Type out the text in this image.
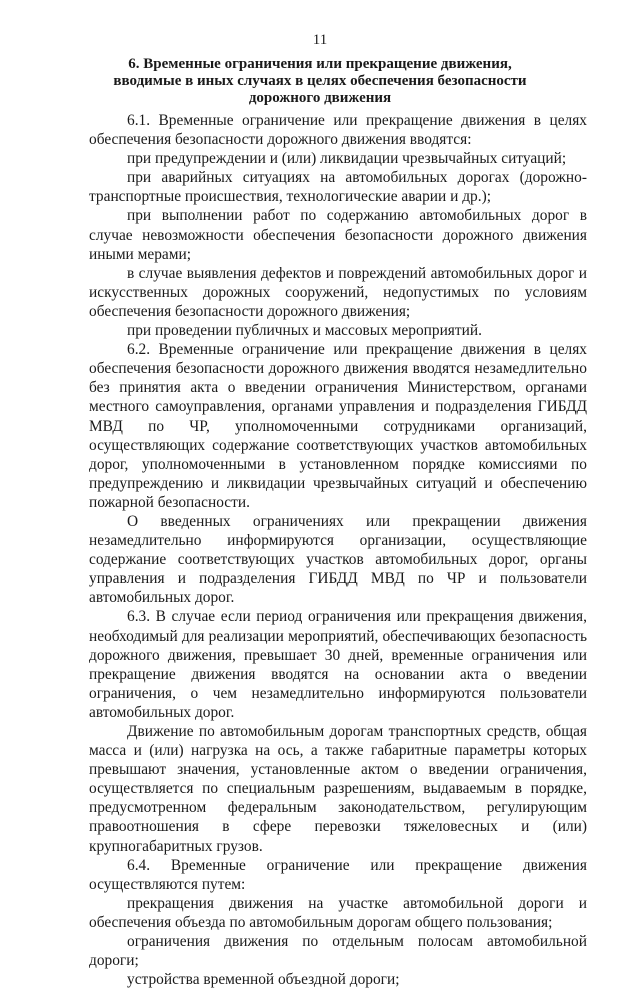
11
6. Временные ограничения или прекращение движения, вводимые в иных случаях в целях обеспечения безопасности дорожного движения

6.1. Временные ограничение или прекращение движения в целях обеспечения безопасности дорожного движения вводятся:

при предупреждении и (или) ликвидации чрезвычайных ситуаций;

при аварийных ситуациях на автомобильных дорогах (дорожно-транспортные происшествия, технологические аварии и др.);

при выполнении работ по содержанию автомобильных дорог в случае невозможности обеспечения безопасности дорожного движения иными мерами;

в случае выявления дефектов и повреждений автомобильных дорог и искусственных дорожных сооружений, недопустимых по условиям обеспечения безопасности дорожного движения;

при проведении публичных и массовых мероприятий.

6.2. Временные ограничение или прекращение движения в целях обеспечения безопасности дорожного движения вводятся незамедлительно без принятия акта о введении ограничения Министерством, органами местного самоуправления, органами управления и подразделения ГИБДД МВД по ЧР, уполномоченными сотрудниками организаций, осуществляющих содержание соответствующих участков автомобильных дорог, уполномоченными в установленном порядке комиссиями по предупреждению и ликвидации чрезвычайных ситуаций и обеспечению пожарной безопасности.

О введенных ограничениях или прекращении движения незамедлительно информируются организации, осуществляющие содержание соответствующих участков автомобильных дорог, органы управления и подразделения ГИБДД МВД по ЧР и пользователи автомобильных дорог.

6.3. В случае если период ограничения или прекращения движения, необходимый для реализации мероприятий, обеспечивающих безопасность дорожного движения, превышает 30 дней, временные ограничения или прекращение движения вводятся на основании акта о введении ограничения, о чем незамедлительно информируются пользователи автомобильных дорог.

Движение по автомобильным дорогам транспортных средств, общая масса и (или) нагрузка на ось, а также габаритные параметры которых превышают значения, установленные актом о введении ограничения, осуществляется по специальным разрешениям, выдаваемым в порядке, предусмотренном федеральным законодательством, регулирующим правоотношения в сфере перевозки тяжеловесных и (или) крупногабаритных грузов.

6.4. Временные ограничение или прекращение движения осуществляются путем:

прекращения движения на участке автомобильной дороги и обеспечения объезда по автомобильным дорогам общего пользования;

ограничения движения по отдельным полосам автомобильной дороги;

устройства временной объездной дороги;
